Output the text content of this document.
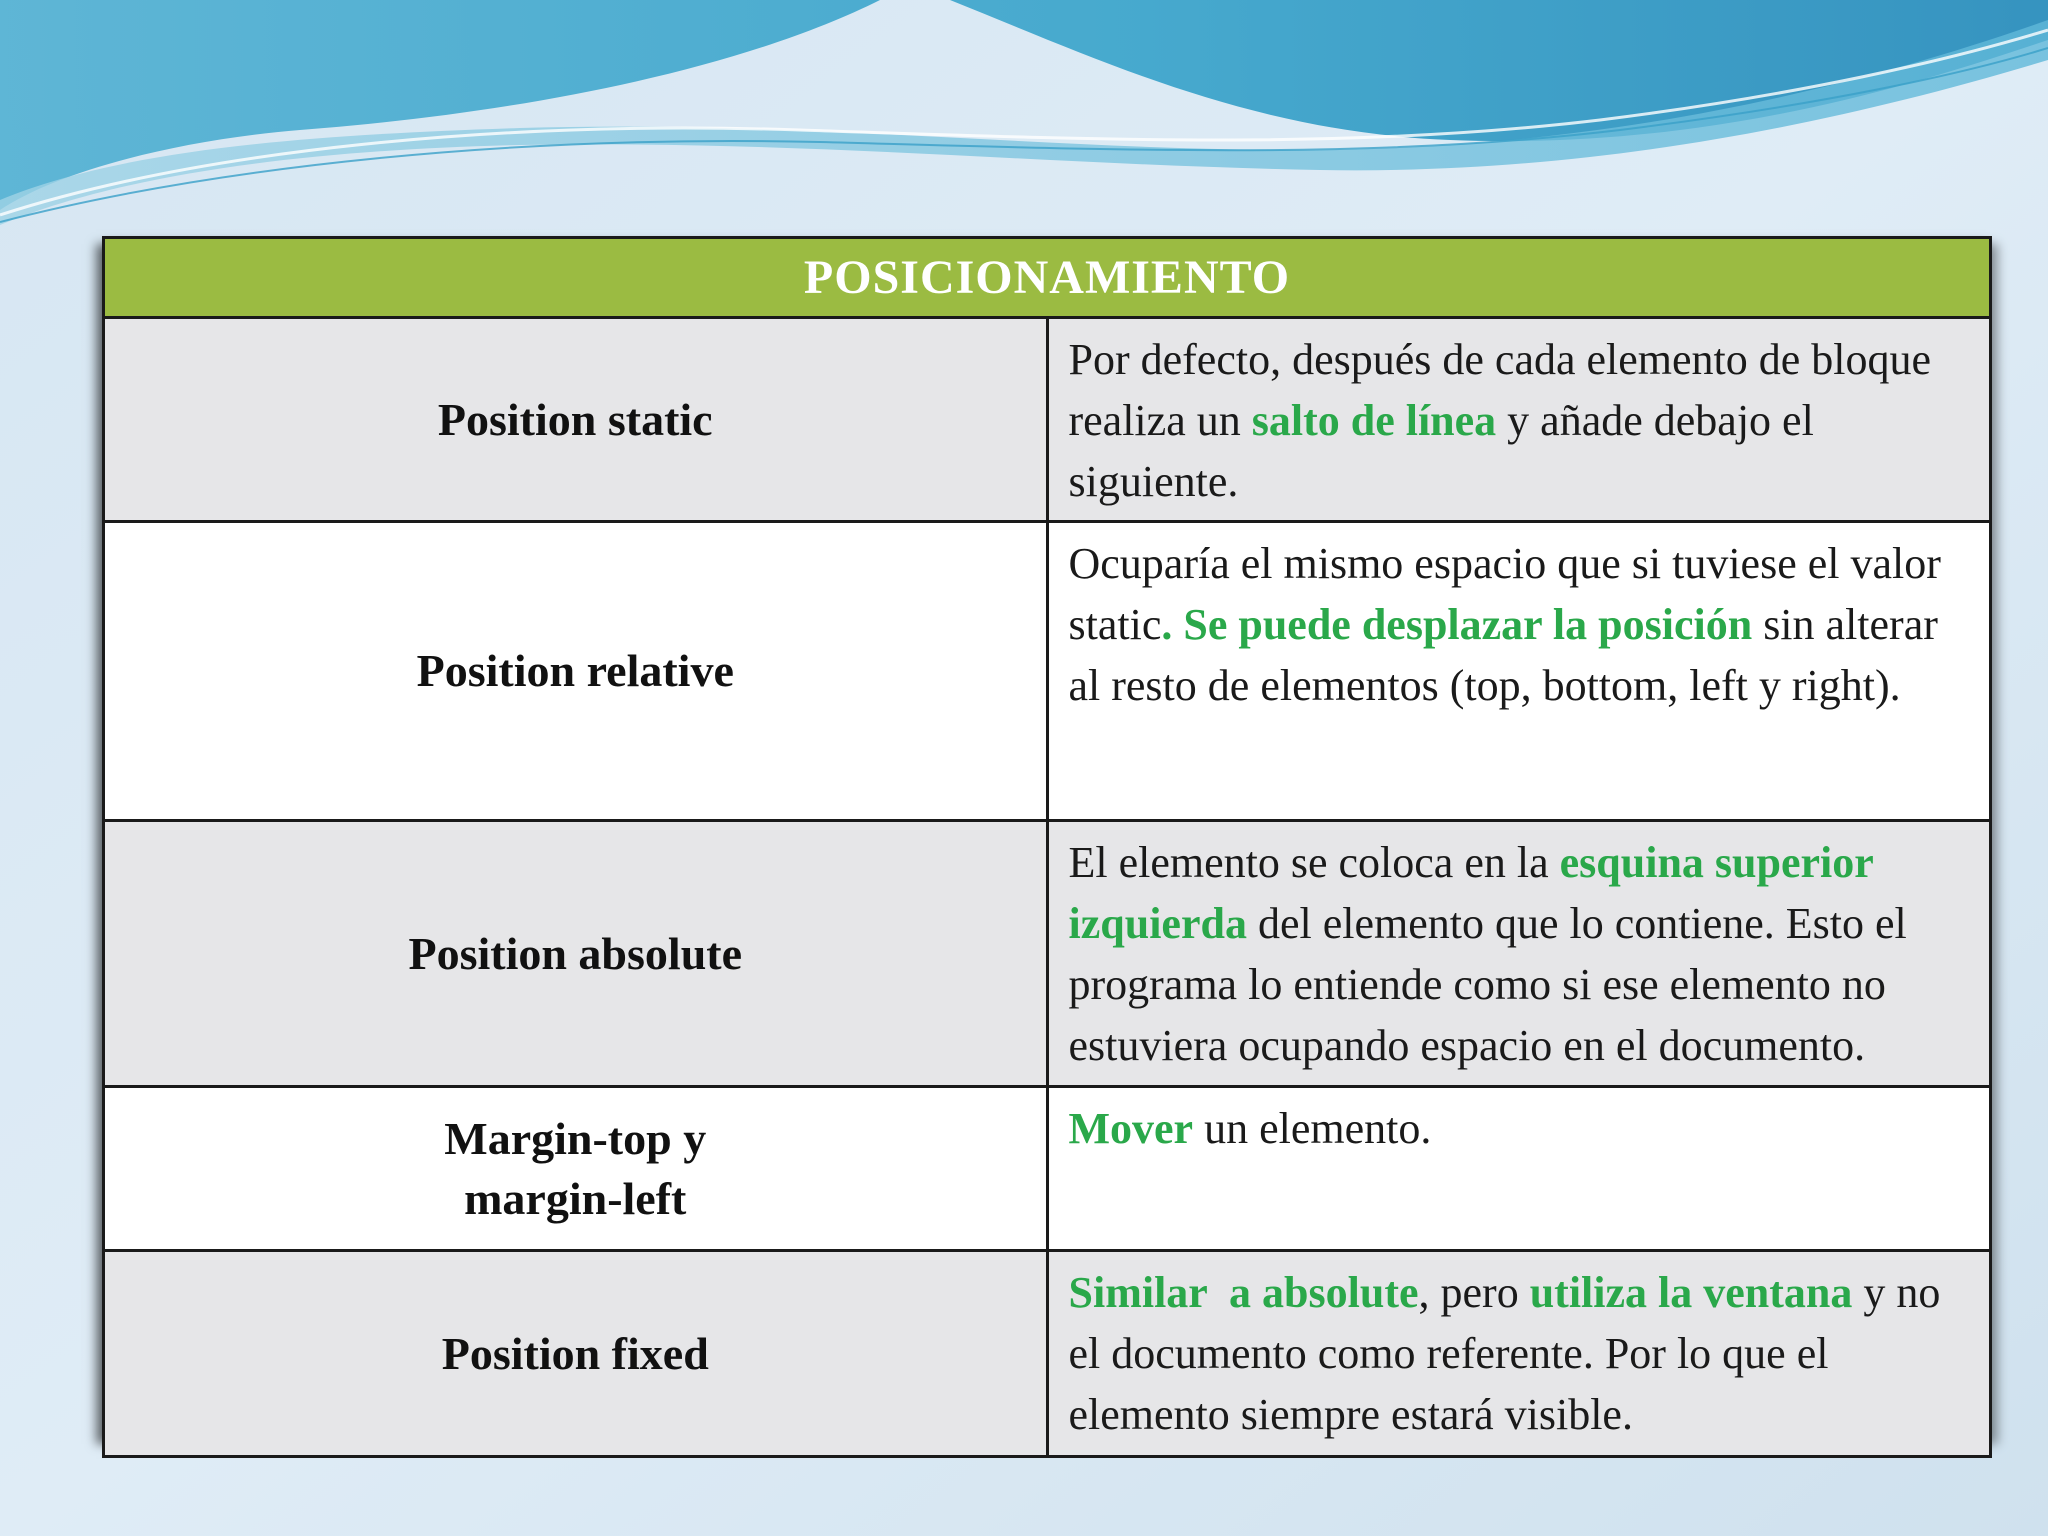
POSICIONAMIENTO	
Position static	Por defecto, después de cada elemento de bloque realiza un salto de línea y añade debajo el siguiente.
Position relative	Ocuparía el mismo espacio que si tuviese el valor static. Se puede desplazar la posición sin alterar al resto de elementos (top, bottom, left y right).
Position absolute	El elemento se coloca en la esquina superior izquierda del elemento que lo contiene. Esto el programa lo entiende como si ese elemento no estuviera ocupando espacio en el documento.

Margin-top y
margin-left	Mover un elemento.
Position fixed	Similar  a absolute, pero utiliza la ventana y no el documento como referente. Por lo que el elemento siempre estará visible.
